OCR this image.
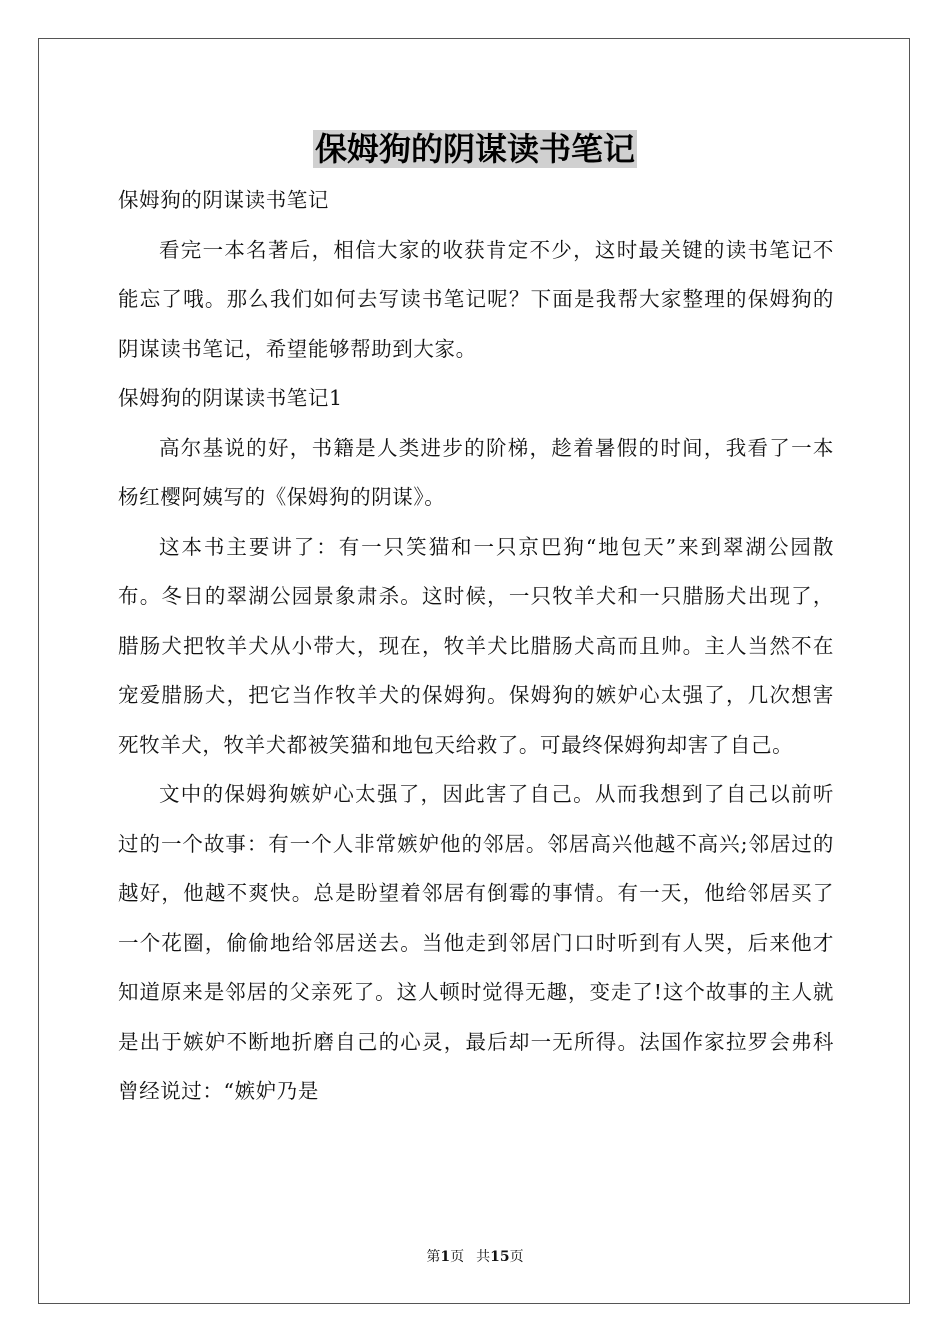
保姆狗的阴谋读书笔记

保姆狗的阴谋读书笔记

看完一本名著后，相信大家的收获肯定不少，这时最关键的读书笔记不能忘了哦。那么我们如何去写读书笔记呢？下面是我帮大家整理的保姆狗的阴谋读书笔记，希望能够帮助到大家。

保姆狗的阴谋读书笔记1

高尔基说的好，书籍是人类进步的阶梯，趁着暑假的时间，我看了一本杨红樱阿姨写的《保姆狗的阴谋》。

这本书主要讲了：有一只笑猫和一只京巴狗“地包天”来到翠湖公园散布。冬日的翠湖公园景象肃杀。这时候，一只牧羊犬和一只腊肠犬出现了，腊肠犬把牧羊犬从小带大，现在，牧羊犬比腊肠犬高而且帅。主人当然不在宠爱腊肠犬，把它当作牧羊犬的保姆狗。保姆狗的嫉妒心太强了，几次想害死牧羊犬，牧羊犬都被笑猫和地包天给救了。可最终保姆狗却害了自己。

文中的保姆狗嫉妒心太强了，因此害了自己。从而我想到了自己以前听过的一个故事：有一个人非常嫉妒他的邻居。邻居高兴他越不高兴;邻居过的越好，他越不爽快。总是盼望着邻居有倒霉的事情。有一天，他给邻居买了一个花圈，偷偷地给邻居送去。当他走到邻居门口时听到有人哭，后来他才知道原来是邻居的父亲死了。这人顿时觉得无趣，变走了!这个故事的主人就是出于嫉妒不断地折磨自己的心灵，最后却一无所得。法国作家拉罗会弗科曾经说过：“嫉妒乃是

第1页 共15页
